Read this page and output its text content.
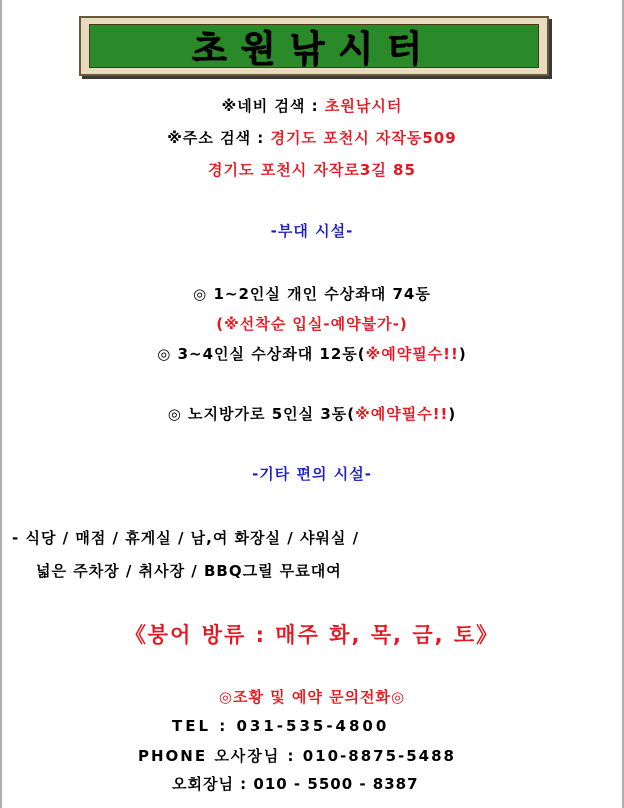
초원낚시터
※네비 검색 : 초원낚시터
※주소 검색 : 경기도 포천시 자작동509
경기도 포천시 자작로3길 85
-부대 시설-
◎ 1~2인실 개인 수상좌대 74동
(※선착순 입실-예약불가-)
◎ 3~4인실 수상좌대 12동(※예약필수!!)
◎ 노지방가로 5인실 3동(※예약필수!!)
-기타 편의 시설-
- 식당 / 매점 / 휴게실 / 남,여 화장실 / 샤워실 /
넓은 주차장 / 취사장 / BBQ그릴 무료대여
《붕어 방류 : 매주 화, 목, 금, 토》
◎조황 및 예약 문의전화◎
TEL : 031-535-4800
PHONE 오사장님 : 010-8875-5488
오회장님 : 010 - 5500 - 8387
